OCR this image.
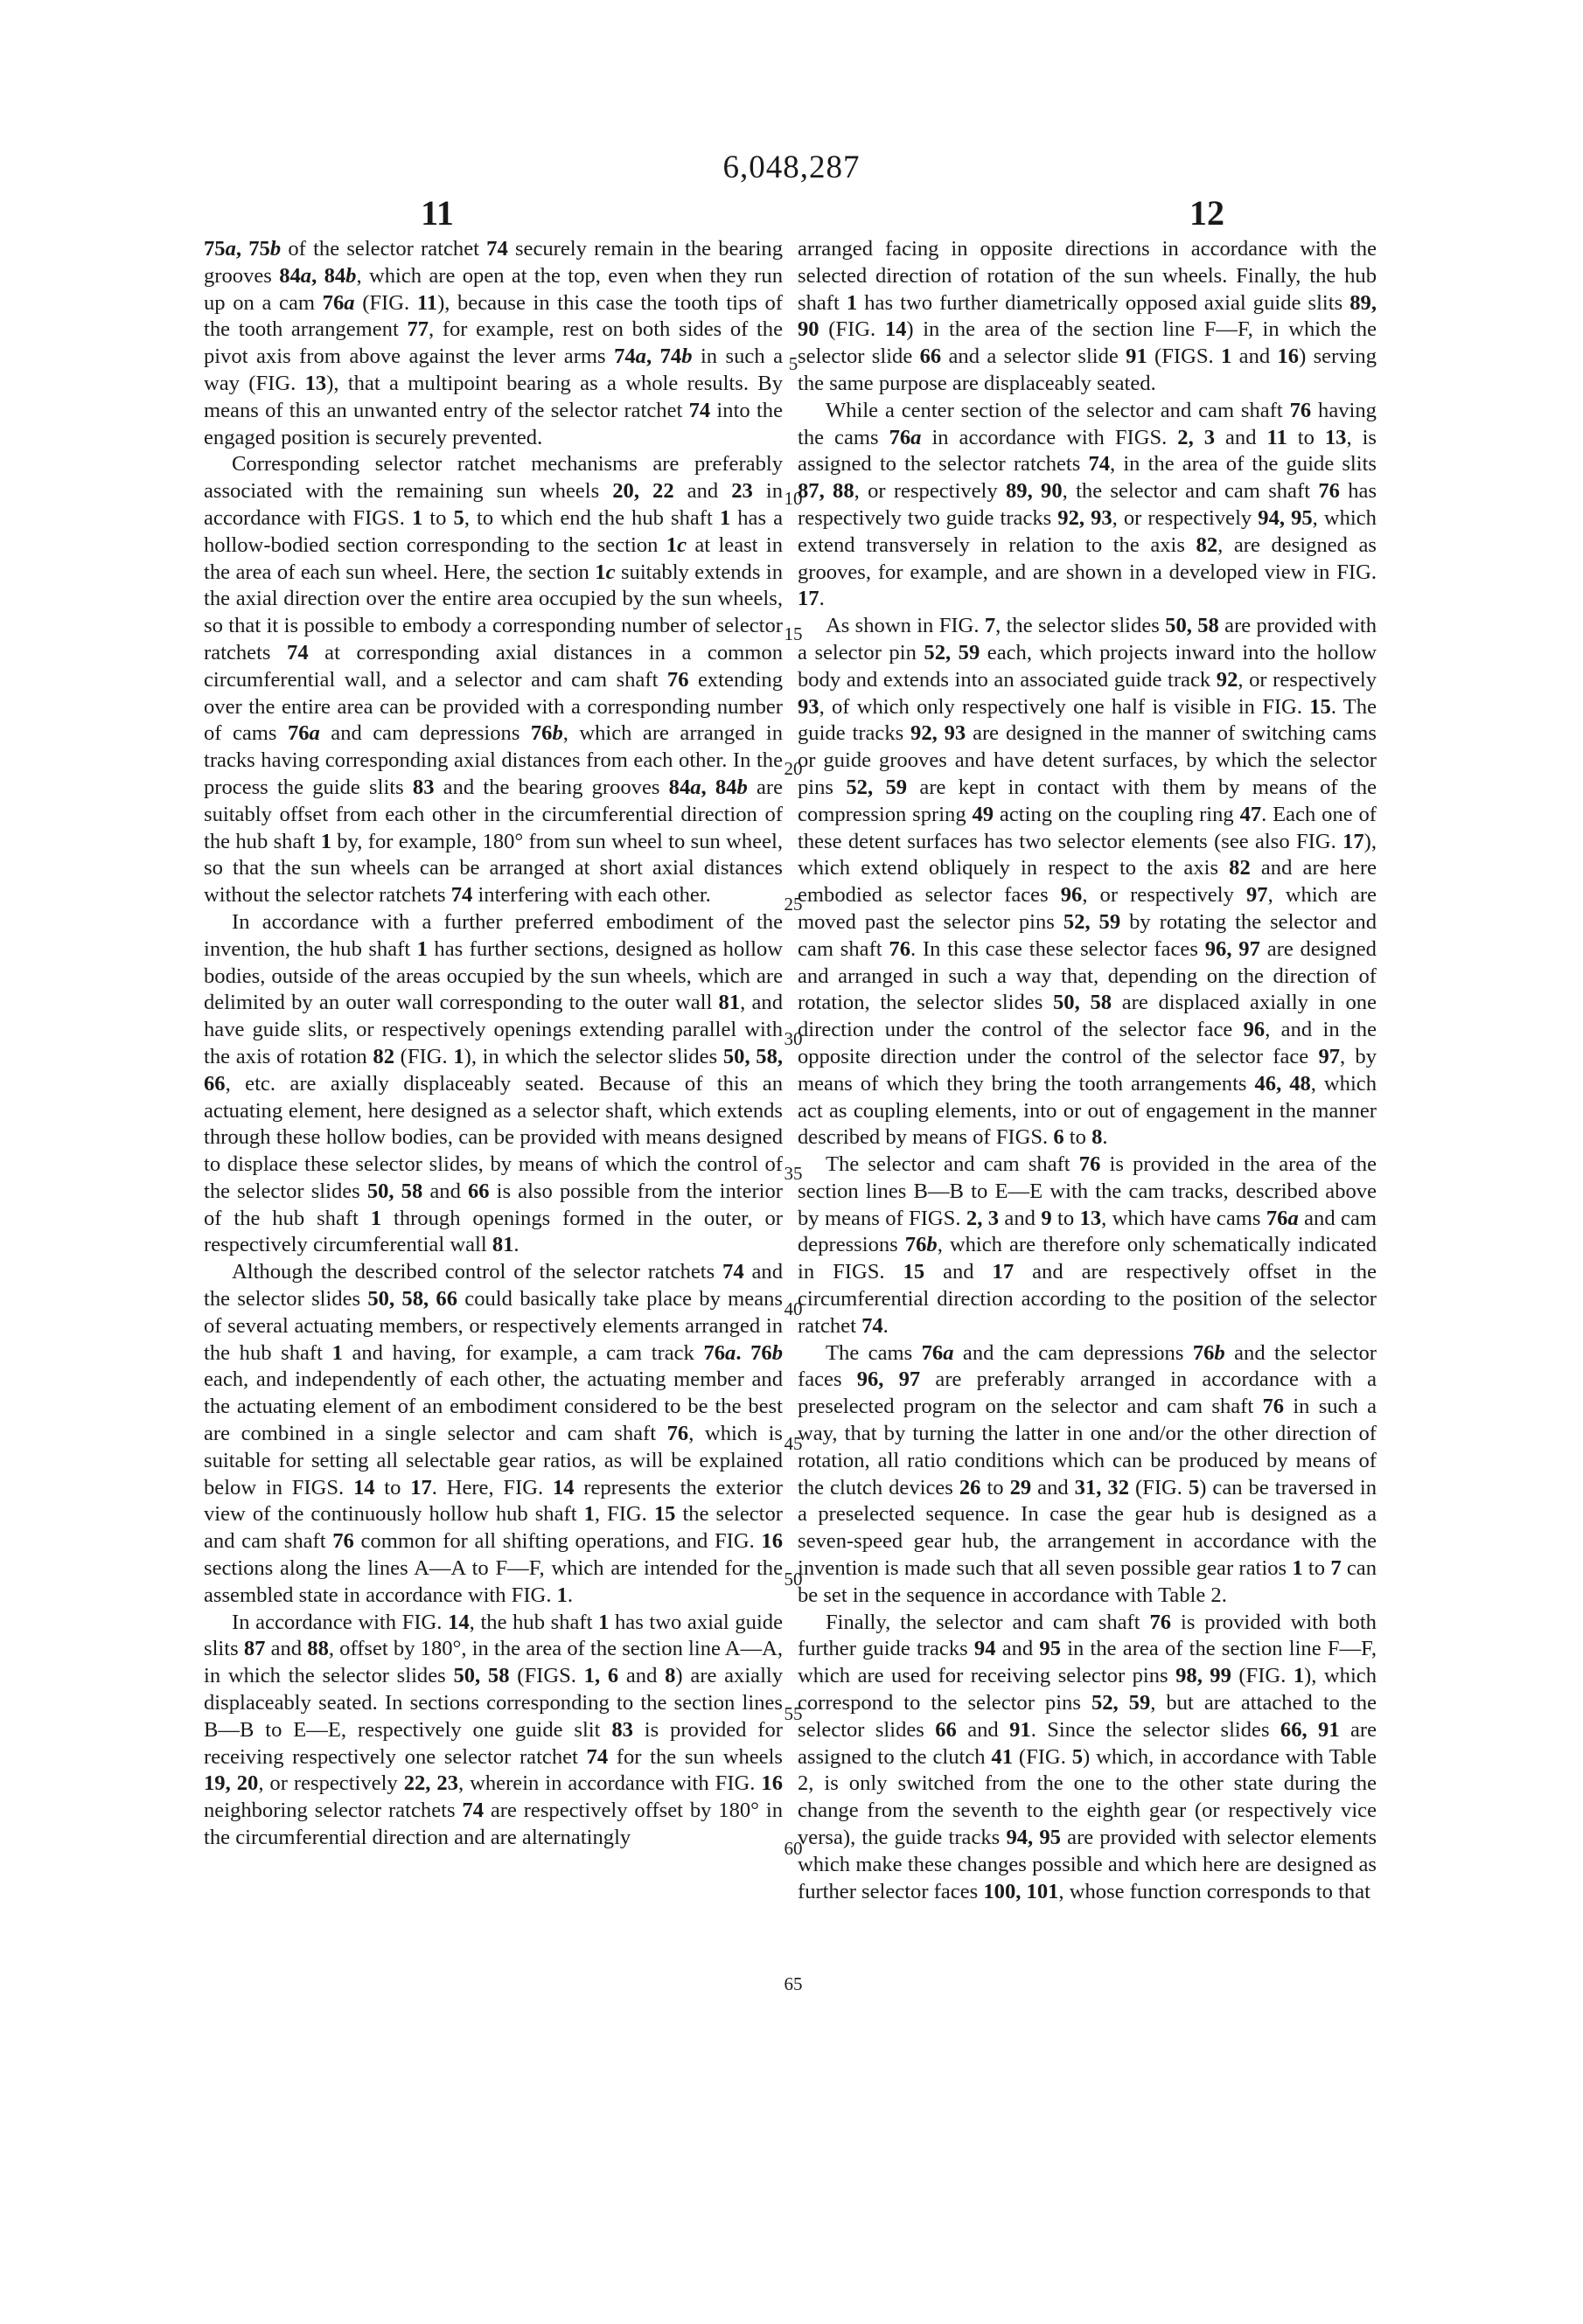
6,048,287
11	12

75a, 75b of the selector ratchet 74 securely remain in the bearing grooves 84a, 84b, which are open at the top, even when they run up on a cam 76a (FIG. 11), because in this case the tooth tips of the tooth arrangement 77, for example, rest on both sides of the pivot axis from above against the lever arms 74a, 74b in such a way (FIG. 13), that a multipoint bearing as a whole results. By means of this an unwanted entry of the selector ratchet 74 into the engaged position is securely prevented.

Corresponding selector ratchet mechanisms are preferably associated with the remaining sun wheels 20, 22 and 23 in accordance with FIGS. 1 to 5, to which end the hub shaft 1 has a hollow-bodied section corresponding to the section 1c at least in the area of each sun wheel. Here, the section 1c suitably extends in the axial direction over the entire area occupied by the sun wheels, so that it is possible to embody a corresponding number of selector ratchets 74 at corresponding axial distances in a common circumferential wall, and a selector and cam shaft 76 extending over the entire area can be provided with a corresponding number of cams 76a and cam depressions 76b, which are arranged in tracks having corresponding axial distances from each other. In the process the guide slits 83 and the bearing grooves 84a, 84b are suitably offset from each other in the circumferential direction of the hub shaft 1 by, for example, 180° from sun wheel to sun wheel, so that the sun wheels can be arranged at short axial distances without the selector ratchets 74 interfering with each other.

In accordance with a further preferred embodiment of the invention, the hub shaft 1 has further sections, designed as hollow bodies, outside of the areas occupied by the sun wheels, which are delimited by an outer wall corresponding to the outer wall 81, and have guide slits, or respectively openings extending parallel with the axis of rotation 82 (FIG. 1), in which the selector slides 50, 58, 66, etc. are axially displaceably seated. Because of this an actuating element, here designed as a selector shaft, which extends through these hollow bodies, can be provided with means designed to displace these selector slides, by means of which the control of the selector slides 50, 58 and 66 is also possible from the interior of the hub shaft 1 through openings formed in the outer, or respectively circumferential wall 81.

Although the described control of the selector ratchets 74 and the selector slides 50, 58, 66 could basically take place by means of several actuating members, or respectively elements arranged in the hub shaft 1 and having, for example, a cam track 76a. 76b each, and independently of each other, the actuating member and the actuating element of an embodiment considered to be the best are combined in a single selector and cam shaft 76, which is suitable for setting all selectable gear ratios, as will be explained below in FIGS. 14 to 17. Here, FIG. 14 represents the exterior view of the continuously hollow hub shaft 1, FIG. 15 the selector and cam shaft 76 common for all shifting operations, and FIG. 16 sections along the lines A—A to F—F, which are intended for the assembled state in accordance with FIG. 1.

In accordance with FIG. 14, the hub shaft 1 has two axial guide slits 87 and 88, offset by 180°, in the area of the section line A—A, in which the selector slides 50, 58 (FIGS. 1, 6 and 8) are axially displaceably seated. In sections corresponding to the section lines B—B to E—E, respectively one guide slit 83 is provided for receiving respectively one selector ratchet 74 for the sun wheels 19, 20, or respectively 22, 23, wherein in accordance with FIG. 16 neighboring selector ratchets 74 are respectively offset by 180° in the circumferential direction and are alternatingly

arranged facing in opposite directions in accordance with the selected direction of rotation of the sun wheels. Finally, the hub shaft 1 has two further diametrically opposed axial guide slits 89, 90 (FIG. 14) in the area of the section line F—F, in which the selector slide 66 and a selector slide 91 (FIGS. 1 and 16) serving the same purpose are displaceably seated.

While a center section of the selector and cam shaft 76 having the cams 76a in accordance with FIGS. 2, 3 and 11 to 13, is assigned to the selector ratchets 74, in the area of the guide slits 87, 88, or respectively 89, 90, the selector and cam shaft 76 has respectively two guide tracks 92, 93, or respectively 94, 95, which extend transversely in relation to the axis 82, are designed as grooves, for example, and are shown in a developed view in FIG. 17.

As shown in FIG. 7, the selector slides 50, 58 are provided with a selector pin 52, 59 each, which projects inward into the hollow body and extends into an associated guide track 92, or respectively 93, of which only respectively one half is visible in FIG. 15. The guide tracks 92, 93 are designed in the manner of switching cams or guide grooves and have detent surfaces, by which the selector pins 52, 59 are kept in contact with them by means of the compression spring 49 acting on the coupling ring 47. Each one of these detent surfaces has two selector elements (see also FIG. 17), which extend obliquely in respect to the axis 82 and are here embodied as selector faces 96, or respectively 97, which are moved past the selector pins 52, 59 by rotating the selector and cam shaft 76. In this case these selector faces 96, 97 are designed and arranged in such a way that, depending on the direction of rotation, the selector slides 50, 58 are displaced axially in one direction under the control of the selector face 96, and in the opposite direction under the control of the selector face 97, by means of which they bring the tooth arrangements 46, 48, which act as coupling elements, into or out of engagement in the manner described by means of FIGS. 6 to 8.

The selector and cam shaft 76 is provided in the area of the section lines B—B to E—E with the cam tracks, described above by means of FIGS. 2, 3 and 9 to 13, which have cams 76a and cam depressions 76b, which are therefore only schematically indicated in FIGS. 15 and 17 and are respectively offset in the circumferential direction according to the position of the selector ratchet 74.

The cams 76a and the cam depressions 76b and the selector faces 96, 97 are preferably arranged in accordance with a preselected program on the selector and cam shaft 76 in such a way, that by turning the latter in one and/or the other direction of rotation, all ratio conditions which can be produced by means of the clutch devices 26 to 29 and 31, 32 (FIG. 5) can be traversed in a preselected sequence. In case the gear hub is designed as a seven-speed gear hub, the arrangement in accordance with the invention is made such that all seven possible gear ratios 1 to 7 can be set in the sequence in accordance with Table 2.

Finally, the selector and cam shaft 76 is provided with both further guide tracks 94 and 95 in the area of the section line F—F, which are used for receiving selector pins 98, 99 (FIG. 1), which correspond to the selector pins 52, 59, but are attached to the selector slides 66 and 91. Since the selector slides 66, 91 are assigned to the clutch 41 (FIG. 5) which, in accordance with Table 2, is only switched from the one to the other state during the change from the seventh to the eighth gear (or respectively vice versa), the guide tracks 94, 95 are provided with selector elements which make these changes possible and which here are designed as further selector faces 100, 101, whose function corresponds to that

5
10
15
20
25
30
35
40
45
50
55
60
65
